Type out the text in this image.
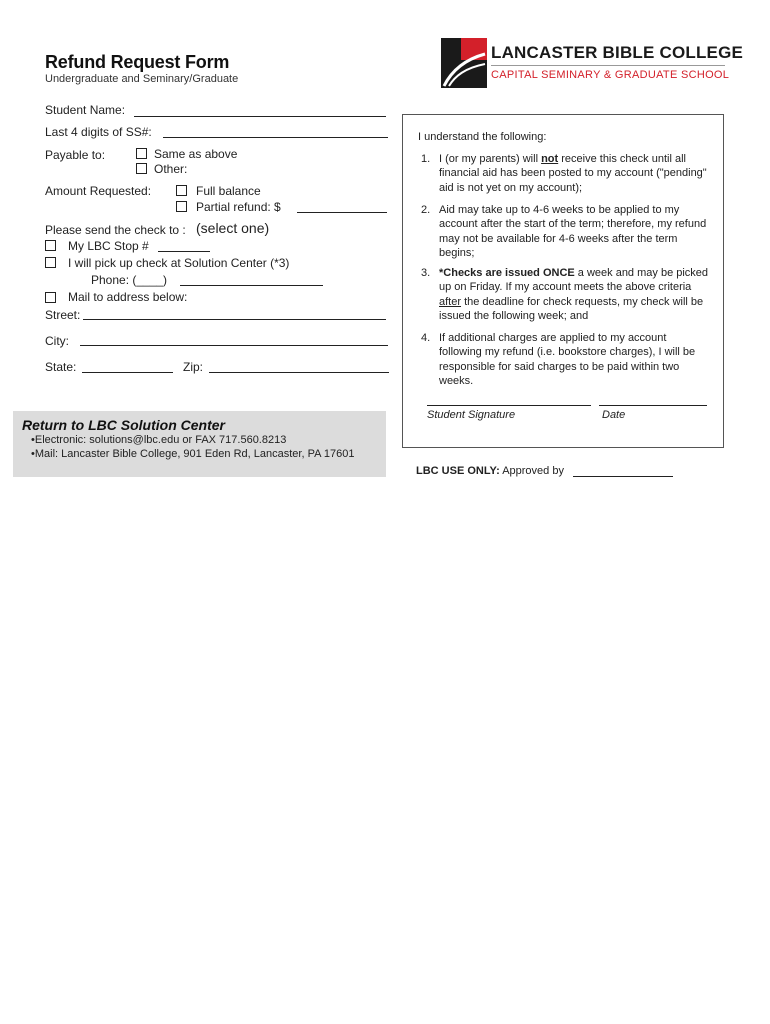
Refund Request Form
Undergraduate and Seminary/Graduate
LANCASTER BIBLE COLLEGE
CAPITAL SEMINARY & GRADUATE SCHOOL
Student Name:
Last 4 digits of SS#:
Payable to:	Same as above
Other:
Amount Requested:	Full balance
Partial refund: $
Please send the check to : (select one)
My LBC Stop #
I will pick up check at Solution Center (*3)
Phone: (____)
Mail to address below:
Street:
City:
State:	Zip:
I understand the following:
1. I (or my parents) will not receive this check until all financial aid has been posted to my account ("pending" aid is not yet on my account);
2. Aid may take up to 4-6 weeks to be applied to my account after the start of the term; therefore, my refund may not be available for 4-6 weeks after the term begins;
3. *Checks are issued ONCE a week and may be picked up on Friday. If my account meets the above criteria after the deadline for check requests, my check will be issued the following week; and
4. If additional charges are applied to my account following my refund (i.e. bookstore charges), I will be responsible for said charges to be paid within two weeks.
Student Signature	Date
Return to LBC Solution Center
•Electronic: solutions@lbc.edu or FAX 717.560.8213
•Mail: Lancaster Bible College, 901 Eden Rd, Lancaster, PA 17601
LBC USE ONLY: Approved by
